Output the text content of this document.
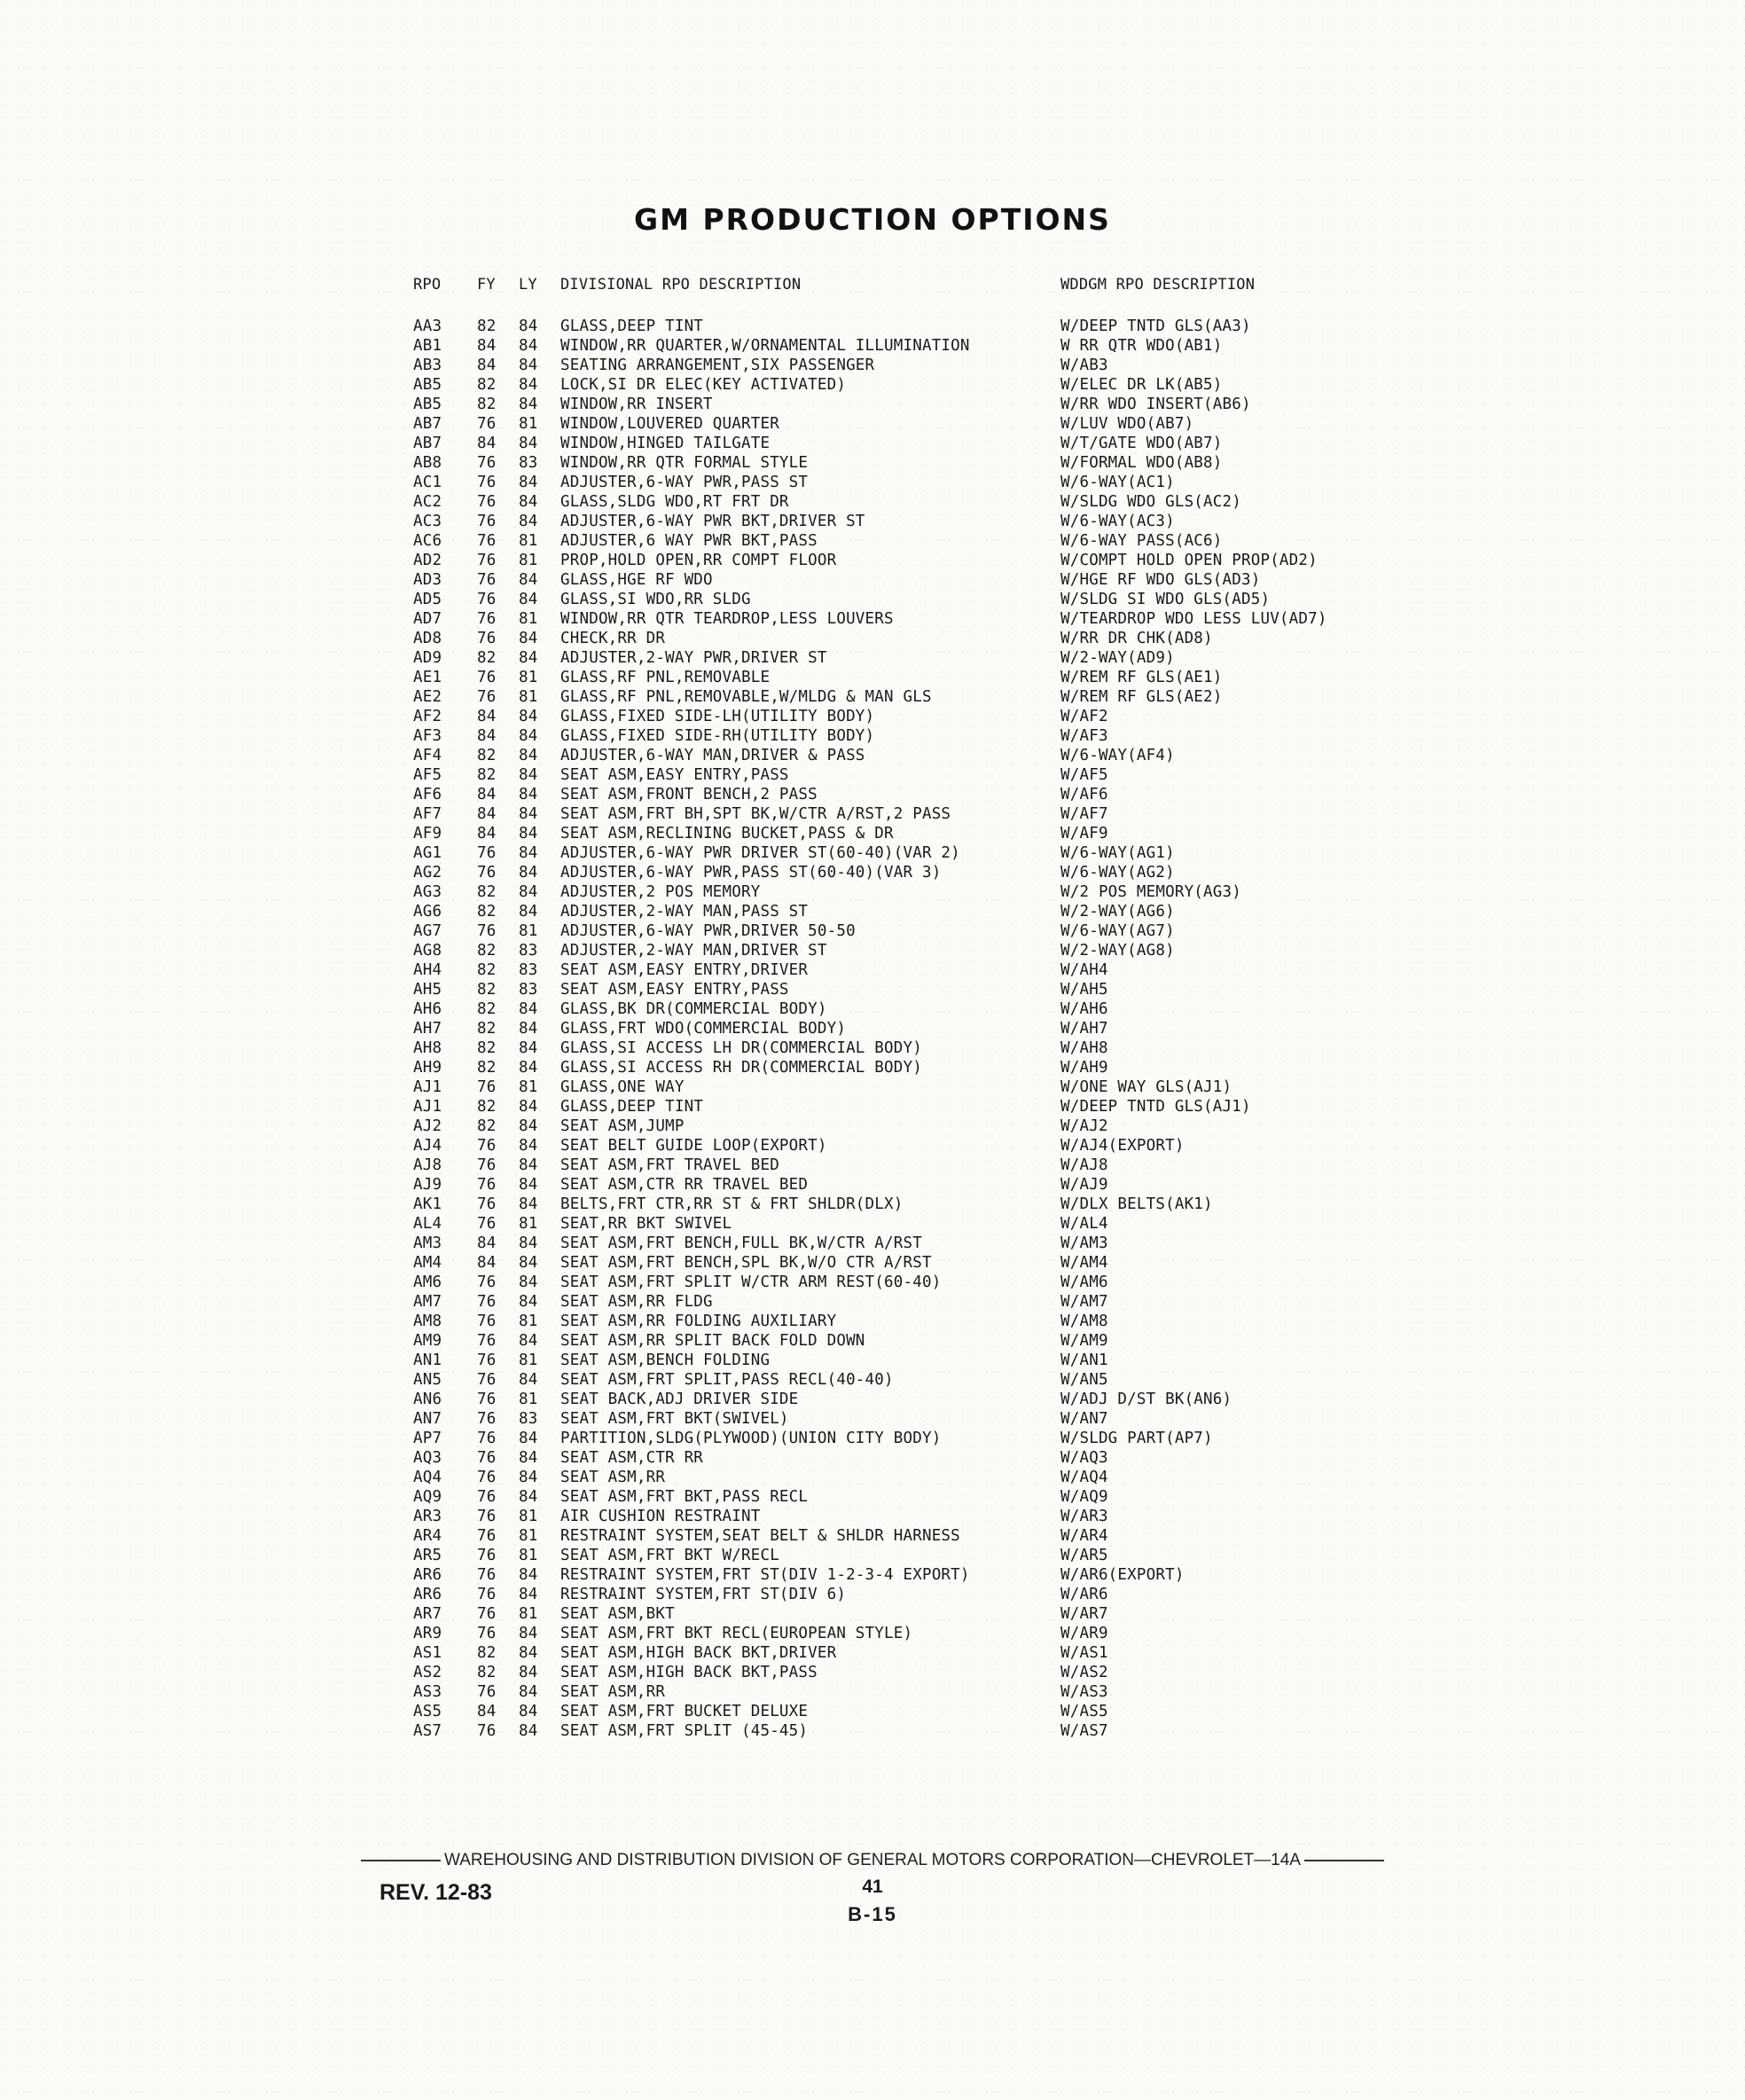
GM PRODUCTION OPTIONS
RPO FY LY DIVISIONAL RPO DESCRIPTION	WDDGM RPO DESCRIPTION
AA3 82 84 GLASS,DEEP TINT	W/DEEP TNTD GLS(AA3)
AB1 84 84 WINDOW,RR QUARTER,W/ORNAMENTAL ILLUMINATION	W RR QTR WDO(AB1)
AB3 84 84 SEATING ARRANGEMENT,SIX PASSENGER	W/AB3
AB5 82 84 LOCK,SI DR ELEC(KEY ACTIVATED)	W/ELEC DR LK(AB5)
AB5 82 84 WINDOW,RR INSERT	W/RR WDO INSERT(AB6)
AB7 76 81 WINDOW,LOUVERED QUARTER	W/LUV WDO(AB7)
AB7 84 84 WINDOW,HINGED TAILGATE	W/T/GATE WDO(AB7)
AB8 76 83 WINDOW,RR QTR FORMAL STYLE	W/FORMAL WDO(AB8)
AC1 76 84 ADJUSTER,6-WAY PWR,PASS ST	W/6-WAY(AC1)
AC2 76 84 GLASS,SLDG WDO,RT FRT DR	W/SLDG WDO GLS(AC2)
AC3 76 84 ADJUSTER,6-WAY PWR BKT,DRIVER ST	W/6-WAY(AC3)
AC6 76 81 ADJUSTER,6 WAY PWR BKT,PASS	W/6-WAY PASS(AC6)
AD2 76 81 PROP,HOLD OPEN,RR COMPT FLOOR	W/COMPT HOLD OPEN PROP(AD2)
AD3 76 84 GLASS,HGE RF WDO	W/HGE RF WDO GLS(AD3)
AD5 76 84 GLASS,SI WDO,RR SLDG	W/SLDG SI WDO GLS(AD5)
AD7 76 81 WINDOW,RR QTR TEARDROP,LESS LOUVERS	W/TEARDROP WDO LESS LUV(AD7)
AD8 76 84 CHECK,RR DR	W/RR DR CHK(AD8)
AD9 82 84 ADJUSTER,2-WAY PWR,DRIVER ST	W/2-WAY(AD9)
AE1 76 81 GLASS,RF PNL,REMOVABLE	W/REM RF GLS(AE1)
AE2 76 81 GLASS,RF PNL,REMOVABLE,W/MLDG & MAN GLS	W/REM RF GLS(AE2)
AF2 84 84 GLASS,FIXED SIDE-LH(UTILITY BODY)	W/AF2
AF3 84 84 GLASS,FIXED SIDE-RH(UTILITY BODY)	W/AF3
AF4 82 84 ADJUSTER,6-WAY MAN,DRIVER & PASS	W/6-WAY(AF4)
AF5 82 84 SEAT ASM,EASY ENTRY,PASS	W/AF5
AF6 84 84 SEAT ASM,FRONT BENCH,2 PASS	W/AF6
AF7 84 84 SEAT ASM,FRT BH,SPT BK,W/CTR A/RST,2 PASS	W/AF7
AF9 84 84 SEAT ASM,RECLINING BUCKET,PASS & DR	W/AF9
AG1 76 84 ADJUSTER,6-WAY PWR DRIVER ST(60-40)(VAR 2)	W/6-WAY(AG1)
AG2 76 84 ADJUSTER,6-WAY PWR,PASS ST(60-40)(VAR 3)	W/6-WAY(AG2)
AG3 82 84 ADJUSTER,2 POS MEMORY	W/2 POS MEMORY(AG3)
AG6 82 84 ADJUSTER,2-WAY MAN,PASS ST	W/2-WAY(AG6)
AG7 76 81 ADJUSTER,6-WAY PWR,DRIVER 50-50	W/6-WAY(AG7)
AG8 82 83 ADJUSTER,2-WAY MAN,DRIVER ST	W/2-WAY(AG8)
AH4 82 83 SEAT ASM,EASY ENTRY,DRIVER	W/AH4
AH5 82 83 SEAT ASM,EASY ENTRY,PASS	W/AH5
AH6 82 84 GLASS,BK DR(COMMERCIAL BODY)	W/AH6
AH7 82 84 GLASS,FRT WDO(COMMERCIAL BODY)	W/AH7
AH8 82 84 GLASS,SI ACCESS LH DR(COMMERCIAL BODY)	W/AH8
AH9 82 84 GLASS,SI ACCESS RH DR(COMMERCIAL BODY)	W/AH9
AJ1 76 81 GLASS,ONE WAY	W/ONE WAY GLS(AJ1)
AJ1 82 84 GLASS,DEEP TINT	W/DEEP TNTD GLS(AJ1)
AJ2 82 84 SEAT ASM,JUMP	W/AJ2
AJ4 76 84 SEAT BELT GUIDE LOOP(EXPORT)	W/AJ4(EXPORT)
AJ8 76 84 SEAT ASM,FRT TRAVEL BED	W/AJ8
AJ9 76 84 SEAT ASM,CTR RR TRAVEL BED	W/AJ9
AK1 76 84 BELTS,FRT CTR,RR ST & FRT SHLDR(DLX)	W/DLX BELTS(AK1)
AL4 76 81 SEAT,RR BKT SWIVEL	W/AL4
AM3 84 84 SEAT ASM,FRT BENCH,FULL BK,W/CTR A/RST	W/AM3
AM4 84 84 SEAT ASM,FRT BENCH,SPL BK,W/O CTR A/RST	W/AM4
AM6 76 84 SEAT ASM,FRT SPLIT W/CTR ARM REST(60-40)	W/AM6
AM7 76 84 SEAT ASM,RR FLDG	W/AM7
AM8 76 81 SEAT ASM,RR FOLDING AUXILIARY	W/AM8
AM9 76 84 SEAT ASM,RR SPLIT BACK FOLD DOWN	W/AM9
AN1 76 81 SEAT ASM,BENCH FOLDING	W/AN1
AN5 76 84 SEAT ASM,FRT SPLIT,PASS RECL(40-40)	W/AN5
AN6 76 81 SEAT BACK,ADJ DRIVER SIDE	W/ADJ D/ST BK(AN6)
AN7 76 83 SEAT ASM,FRT BKT(SWIVEL)	W/AN7
AP7 76 84 PARTITION,SLDG(PLYWOOD)(UNION CITY BODY)	W/SLDG PART(AP7)
AQ3 76 84 SEAT ASM,CTR RR	W/AQ3
AQ4 76 84 SEAT ASM,RR	W/AQ4
AQ9 76 84 SEAT ASM,FRT BKT,PASS RECL	W/AQ9
AR3 76 81 AIR CUSHION RESTRAINT	W/AR3
AR4 76 81 RESTRAINT SYSTEM,SEAT BELT & SHLDR HARNESS	W/AR4
AR5 76 81 SEAT ASM,FRT BKT W/RECL	W/AR5
AR6 76 84 RESTRAINT SYSTEM,FRT ST(DIV 1-2-3-4 EXPORT)	W/AR6(EXPORT)
AR6 76 84 RESTRAINT SYSTEM,FRT ST(DIV 6)	W/AR6
AR7 76 81 SEAT ASM,BKT	W/AR7
AR9 76 84 SEAT ASM,FRT BKT RECL(EUROPEAN STYLE)	W/AR9
AS1 82 84 SEAT ASM,HIGH BACK BKT,DRIVER	W/AS1
AS2 82 84 SEAT ASM,HIGH BACK BKT,PASS	W/AS2
AS3 76 84 SEAT ASM,RR	W/AS3
AS5 84 84 SEAT ASM,FRT BUCKET DELUXE	W/AS5
AS7 76 84 SEAT ASM,FRT SPLIT (45-45)	W/AS7
WAREHOUSING AND DISTRIBUTION DIVISION OF GENERAL MOTORS CORPORATION—CHEVROLET—14A
REV. 12-83	41
B-15
